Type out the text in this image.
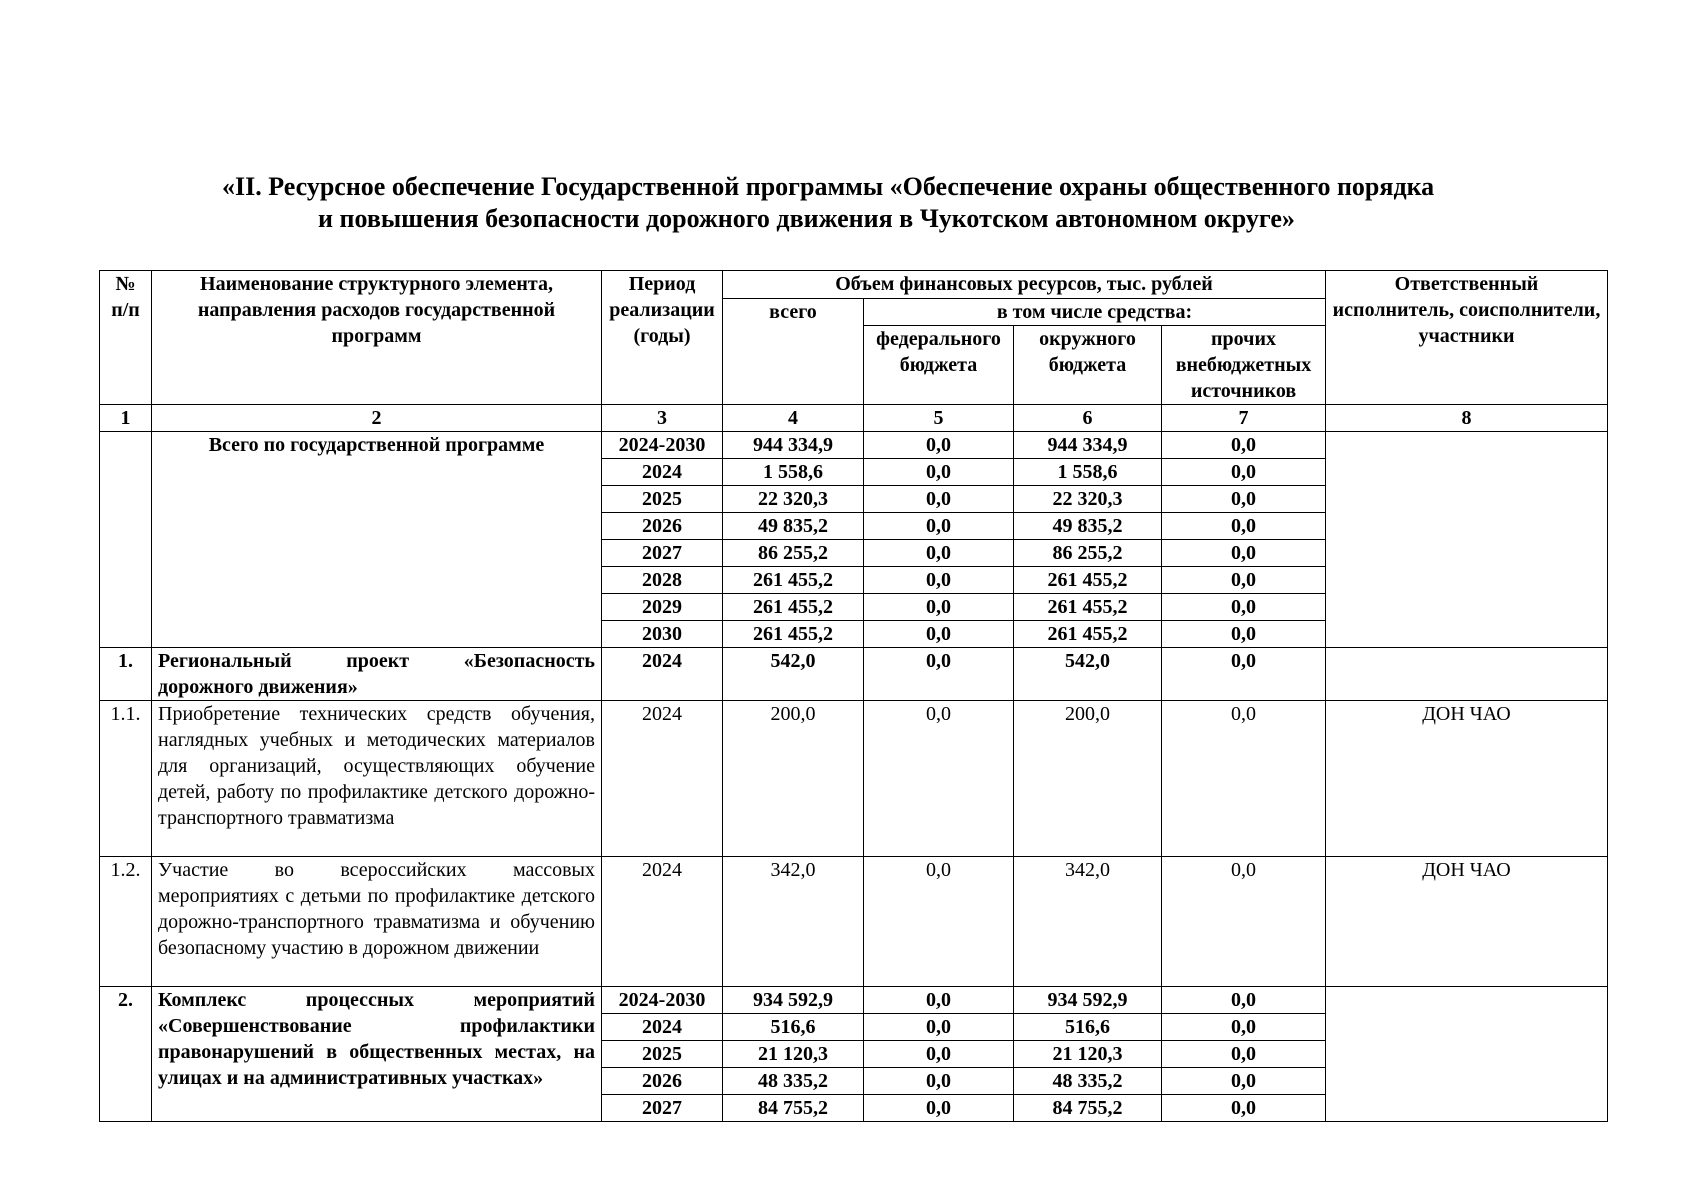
«II. Ресурсное обеспечение Государственной программы «Обеспечение охраны общественного порядка
и повышения безопасности дорожного движения в Чукотском автономном округе»
№ п/п	Наименование структурного элемента, направления расходов государственной программ	Период реализации (годы)	Объем финансовых ресурсов, тыс. рублей				Ответственный исполнитель, соисполнители, участники
			всего	в том числе средства:			
				федерального бюджета	окружного бюджета	прочих внебюджетных источников	
1	2	3	4	5	6	7	8
	Всего по государственной программе	2024-2030	944 334,9	0,0	944 334,9	0,0	
		2024	1 558,6	0,0	1 558,6	0,0	
		2025	22 320,3	0,0	22 320,3	0,0	
		2026	49 835,2	0,0	49 835,2	0,0	
		2027	86 255,2	0,0	86 255,2	0,0	
		2028	261 455,2	0,0	261 455,2	0,0	
		2029	261 455,2	0,0	261 455,2	0,0	
		2030	261 455,2	0,0	261 455,2	0,0	
1.	Региональный проект «Безопасность дорожного движения»	2024	542,0	0,0	542,0	0,0	
1.1.	Приобретение технических средств обучения, наглядных учебных и методических материалов для организаций, осуществляющих обучение детей, работу по профилактике детского дорожно-транспортного травматизма	2024	200,0	0,0	200,0	0,0	ДОН ЧАО
1.2.	Участие во всероссийских массовых мероприятиях с детьми по профилактике детского дорожно-транспортного травматизма и обучению безопасному участию в дорожном движении	2024	342,0	0,0	342,0	0,0	ДОН ЧАО
2.	Комплекс процессных мероприятий «Совершенствование профилактики правонарушений в общественных местах, на улицах и на административных участках»	2024-2030	934 592,9	0,0	934 592,9	0,0	
		2024	516,6	0,0	516,6	0,0	
		2025	21 120,3	0,0	21 120,3	0,0	
		2026	48 335,2	0,0	48 335,2	0,0	
		2027	84 755,2	0,0	84 755,2	0,0	
